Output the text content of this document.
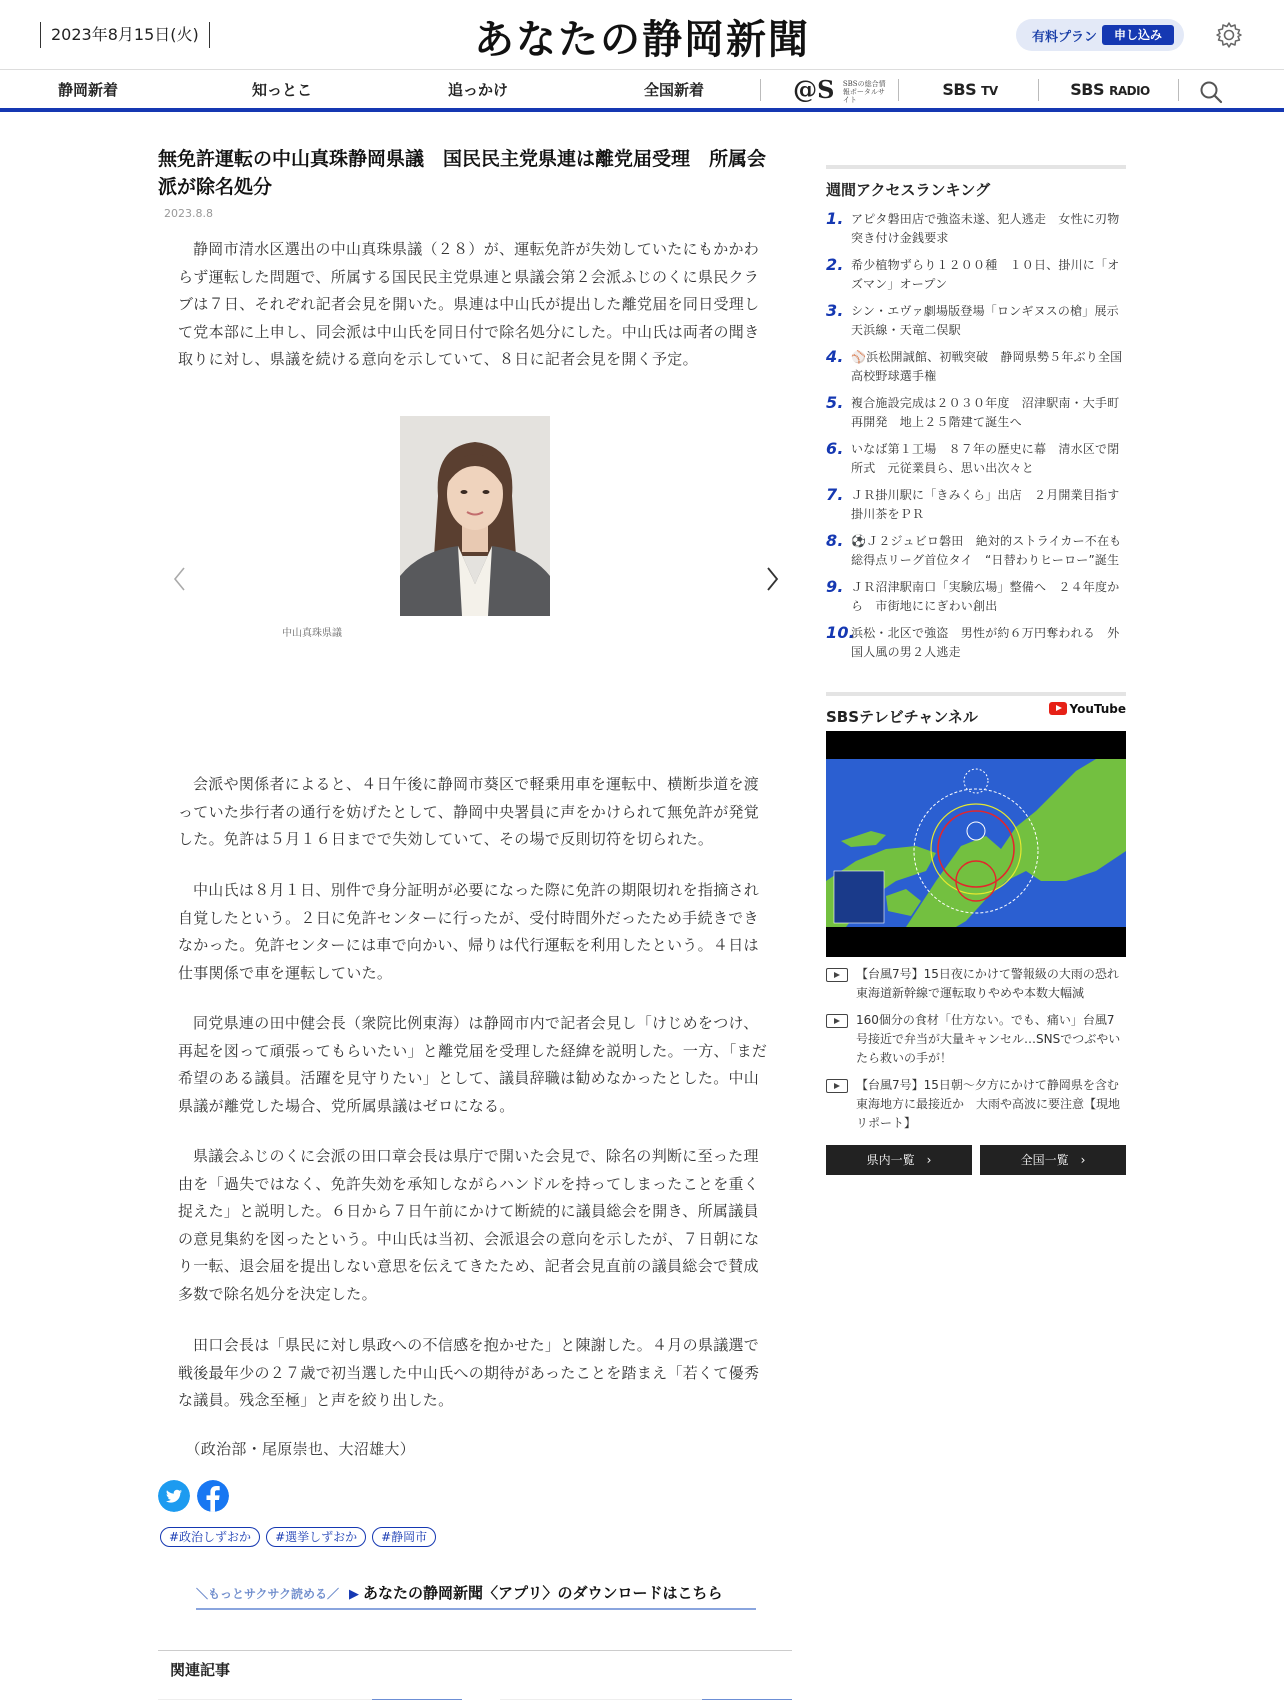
2023年8月15日(火)	あなたの静岡新聞	有料プラン	申し込み
静岡新着	知っとこ	追っかけ	全国新着	@S SBSの総合情報ポータルサイト
SBS TV	SBS RADIO
無免許運転の中山真珠静岡県議　国民民主党県連は離党届受理　所属会派が除名処分
2023.8.8

静岡市清水区選出の中山真珠県議（２８）が、運転免許が失効していたにもかかわらず運転した問題で、所属する国民民主党県連と県議会第２会派ふじのくに県民クラブは７日、それぞれ記者会見を開いた。県連は中山氏が提出した離党届を同日受理して党本部に上申し、同会派は中山氏を同日付で除名処分にした。中山氏は両者の聞き取りに対し、県議を続ける意向を示していて、８日に記者会見を開く予定。

中山真珠県議

会派や関係者によると、４日午後に静岡市葵区で軽乗用車を運転中、横断歩道を渡っていた歩行者の通行を妨げたとして、静岡中央署員に声をかけられて無免許が発覚した。免許は５月１６日までで失効していて、その場で反則切符を切られた。

中山氏は８月１日、別件で身分証明が必要になった際に免許の期限切れを指摘され自覚したという。２日に免許センターに行ったが、受付時間外だったため手続きできなかった。免許センターには車で向かい、帰りは代行運転を利用したという。４日は仕事関係で車を運転していた。

同党県連の田中健会長（衆院比例東海）は静岡市内で記者会見し「けじめをつけ、再起を図って頑張ってもらいたい」と離党届を受理した経緯を説明した。一方、「まだ希望のある議員。活躍を見守りたい」として、議員辞職は勧めなかったとした。中山県議が離党した場合、党所属県議はゼロになる。

県議会ふじのくに会派の田口章会長は県庁で開いた会見で、除名の判断に至った理由を「過失ではなく、免許失効を承知しながらハンドルを持ってしまったことを重く捉えた」と説明した。６日から７日午前にかけて断続的に議員総会を開き、所属議員の意見集約を図ったという。中山氏は当初、会派退会の意向を示したが、７日朝になり一転、退会届を提出しない意思を伝えてきたため、記者会見直前の議員総会で賛成多数で除名処分を決定した。

田口会長は「県民に対し県政への不信感を抱かせた」と陳謝した。４月の県議選で戦後最年少の２７歳で初当選した中山氏への期待があったことを踏まえ「若くて優秀な議員。残念至極」と声を絞り出した。

（政治部・尾原崇也、大沼雄大）

#政治しずおか #選挙しずおか #静岡市
＼もっとサクサク読める／ ▶ あなたの静岡新聞〈アプリ〉のダウンロードはこちら
関連記事
週間アクセスランキング
1. アピタ磐田店で強盗未遂、犯人逃走　女性に刃物突き付け金銭要求
2. 希少植物ずらり１２００種　１０日、掛川に「オズマン」オープン
3. シン・エヴァ劇場版登場「ロンギヌスの槍」展示　天浜線・天竜二俣駅
4. ⚾浜松開誠館、初戦突破　静岡県勢５年ぶり全国高校野球選手権
5. 複合施設完成は２０３０年度　沼津駅南・大手町再開発　地上２５階建て誕生へ
6. いなば第１工場　８７年の歴史に幕　清水区で閉所式　元従業員ら、思い出次々と
7. ＪＲ掛川駅に「きみくら」出店　２月開業目指す　掛川茶をＰＲ
8. ⚽Ｊ２ジュビロ磐田　絶対的ストライカー不在も　総得点リーグ首位タイ　“日替わりヒーロー”誕生
9. ＪＲ沼津駅南口「実験広場」整備へ　２４年度から　市街地ににぎわい創出
10.
浜松・北区で強盗　男性が約６万円奪われる　外国人風の男２人逃走
SBSテレビチャンネル	YouTube
【台風7号】15日夜にかけて警報級の大雨の恐れ　東海道新幹線で運転取りやめや本数大幅減
160個分の食材「仕方ない。でも、痛い」台風7号接近で弁当が大量キャンセル…SNSでつぶやいたら救いの手が！
【台風7号】15日朝〜夕方にかけて静岡県を含む東海地方に最接近か　大雨や高波に要注意【現地リポート】
県内一覧　 ›	全国一覧　 ›
